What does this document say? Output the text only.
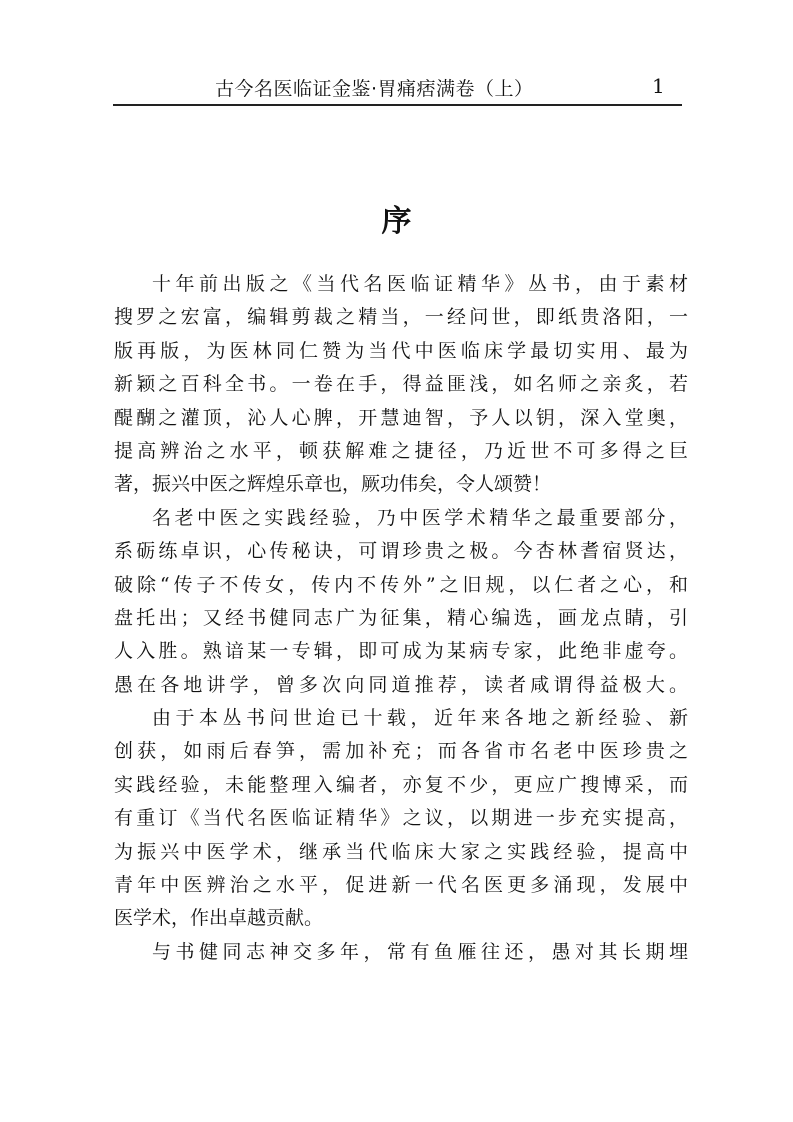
古今名医临证金鉴·胃痛痞满卷（上）	1
序
十年前出版之《当代名医临证精华》丛书，由于素材
搜罗之宏富，编辑剪裁之精当，一经问世，即纸贵洛阳，一
版再版，为医林同仁赞为当代中医临床学最切实用、最为
新颖之百科全书。一卷在手，得益匪浅，如名师之亲炙，若
醍醐之灌顶，沁人心脾，开慧迪智，予人以钥，深入堂奥，
提高辨治之水平，顿获解难之捷径，乃近世不可多得之巨
著，振兴中医之辉煌乐章也，厥功伟矣，令人颂赞！
名老中医之实践经验，乃中医学术精华之最重要部分，
系砺练卓识，心传秘诀，可谓珍贵之极。今杏林耆宿贤达，
破除“传子不传女，传内不传外”之旧规，以仁者之心，和
盘托出；又经书健同志广为征集，精心编选，画龙点睛，引
人入胜。熟谙某一专辑，即可成为某病专家，此绝非虚夸。
愚在各地讲学，曾多次向同道推荐，读者咸谓得益极大。
由于本丛书问世迨已十载，近年来各地之新经验、新
创获，如雨后春笋，需加补充；而各省市名老中医珍贵之
实践经验，未能整理入编者，亦复不少，更应广搜博采，而
有重订《当代名医临证精华》之议，以期进一步充实提高，
为振兴中医学术，继承当代临床大家之实践经验，提高中
青年中医辨治之水平，促进新一代名医更多涌现，发展中
医学术，作出卓越贡献。
与书健同志神交多年，常有鱼雁往还，愚对其长期埋
